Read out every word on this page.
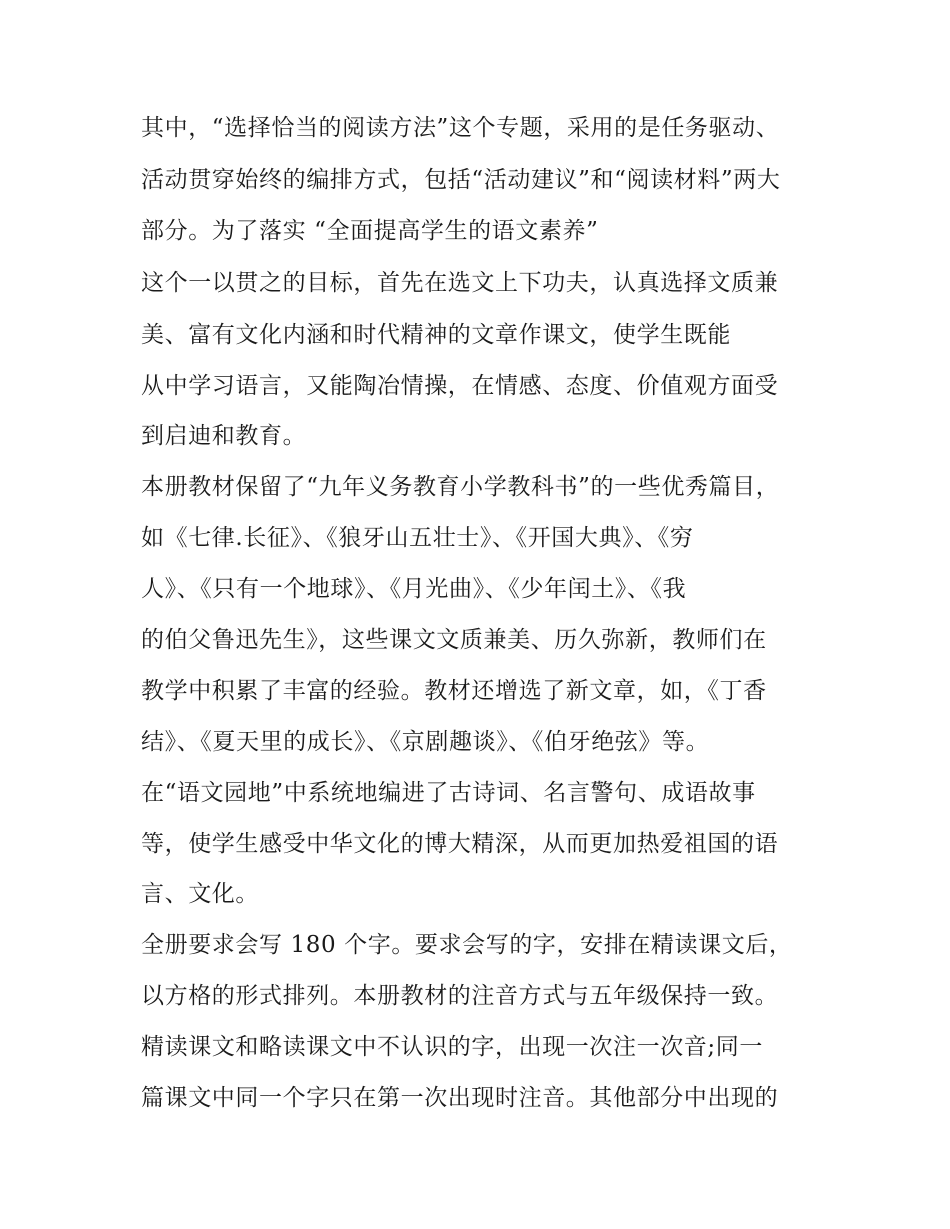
其中，“选择恰当的阅读方法”这个专题，采用的是任务驱动、
活动贯穿始终的编排方式，包括“活动建议”和“阅读材料”两大
部分。为了落实 “全面提高学生的语文素养”
这个一以贯之的目标，首先在选文上下功夫，认真选择文质兼
美、富有文化内涵和时代精神的文章作课文，使学生既能
从中学习语言，又能陶冶情操，在情感、态度、价值观方面受
到启迪和教育。
本册教材保留了“九年义务教育小学教科书”的一些优秀篇目，
如《七律.长征》、《狼牙山五壮士》、《开国大典》、《穷
人》、《只有一个地球》、《月光曲》、《少年闰土》、《我
的伯父鲁迅先生》，这些课文文质兼美、历久弥新，教师们在
教学中积累了丰富的经验。教材还增选了新文章，如，《丁香
结》、《夏天里的成长》、《京剧趣谈》、《伯牙绝弦》等。
在“语文园地”中系统地编进了古诗词、名言警句、成语故事
等，使学生感受中华文化的博大精深，从而更加热爱祖国的语
言、文化。
全册要求会写 180 个字。要求会写的字，安排在精读课文后，
以方格的形式排列。本册教材的注音方式与五年级保持一致。
精读课文和略读课文中不认识的字，出现一次注一次音;同一
篇课文中同一个字只在第一次出现时注音。其他部分中出现的
